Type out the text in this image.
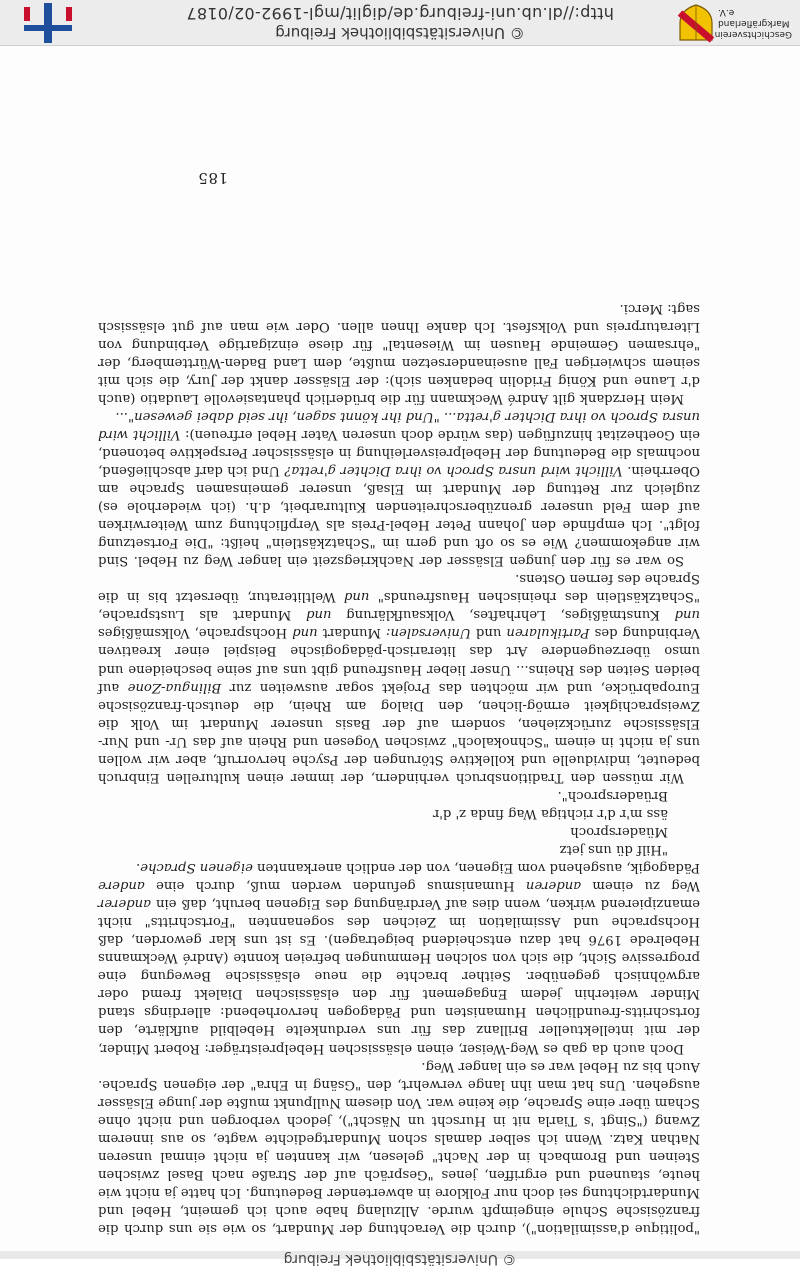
© Universitätsbibliothek Freiburg

"politique d'assimilation"), durch die Verachtung der Mundart, so wie sie uns durch die französische Schule eingeimpft wurde. Allzulang habe auch ich gemeint, Hebel und Mundartdichtung sei doch nur Folklore in abwertender Bedeutung. Ich hatte ja nicht wie heute, staunend und ergriffen, jenes "Gespräch auf der Straße nach Basel zwischen Steinen und Brombach in der Nacht" gelesen, wir kannten ja nicht einmal unseren Nathan Katz. Wenn ich selber damals schon Mundartgedichte wagte, so aus innerem Zwang ("Singt 's Tiarla nit in Hurscht un Näscht"), jedoch verborgen und nicht ohne Scham über eine Sprache, die keine war. Von diesem Nullpunkt mußte der junge Elsässer ausgehen. Uns hat man ihn lange verwehrt, den "Gsäng in Ehra" der eigenen Sprache. Auch bis zu Hebel war es ein langer Weg.

Doch auch da gab es Weg-Weiser, einen elsässischen Hebelpreisträger: Robert Minder, der mit intellektueller Brillanz das für uns verdunkelte Hebelbild aufklärte, den fortschritts-freundlichen Humanisten und Pädagogen hervorhebend: allerdings stand Minder weiterhin jedem Engagement für den elsässischen Dialekt fremd oder argwöhnisch gegenüber. Seither brachte die neue elsässische Bewegung eine progressive Sicht, die sich von solchen Hemmungen befreien konnte (André Weckmanns Hebelrede 1976 hat dazu entscheidend beigetragen). Es ist uns klar geworden, daß Hochsprache und Assimilation im Zeichen des sogenannten "Fortschritts" nicht emanzipierend wirken, wenn dies auf Verdrängung des Eigenen beruht, daß ein anderer Weg zu einem anderen Humanismus gefunden werden muß, durch eine andere Pädagogik, ausgehend vom Eigenen, von der endlich anerkannten eigenen Sprache.

"Hilf dü uns jetz
Müadersproch
äss m'r d'r richtiga Wag finda z' d'r
Brüadersproch".

Wir müssen den Traditionsbruch verhindern, der immer einen kulturellen Einbruch bedeutet, individuelle und kollektive Störungen der Psyche hervorruft, aber wir wollen uns ja nicht in einem "Schnokaloch" zwischen Vogesen und Rhein auf das Ur- und Nur- Elsässische zurückziehen, sondern auf der Basis unserer Mundart im Volk die Zweisprachigkeit ermög-lichen, den Dialog am Rhein, die deutsch-französische Europabrücke, und wir möchten das Projekt sogar ausweiten zur Bilingua-Zone auf beiden Seiten des Rheins... Unser lieber Hausfreund gibt uns auf seine bescheidene und umso überzeugendere Art das literarisch-pädagogische Beispiel einer kreativen Verbindung des Partikularen und Universalen: Mundart und Hochsprache, Volksmäßiges und Kunstmäßiges, Lehrhaftes, Volksaufklärung und Mundart als Lustsprache, "Schatzkästlein des rheinischen Hausfreunds" und Weltliteratur, übersetzt bis in die Sprache des fernen Ostens.

So war es für den jungen Elsässer der Nachkriegszeit ein langer Weg zu Hebel. Sind wir angekommen? Wie es so oft und gern im "Schatzkästlein" heißt: "Die Fortsetzung folgt". Ich empfinde den Johann Peter Hebel-Preis als Verpflichtung zum Weiterwirken auf dem Feld unserer grenzüberschreitenden Kulturarbeit, d.h. (ich wiederhole es) zugleich zur Rettung der Mundart im Elsaß, unserer gemeinsamen Sprache am Oberrhein. Villicht wird unsra Sproch vo ihra Dichter g'retta? Und ich darf abschließend, nochmals die Bedeutung der Hebelpreisverleihung in elsässischer Perspektive betonend, ein Goethezitat hinzufügen (das würde doch unseren Vater Hebel erfreuen): Villicht wird unsra Sproch vo ihra Dichter g'retta... "Und ihr könnt sagen, ihr seid dabei gewesen"...

Mein Herzdank gilt André Weckmann für die brüderlich phantasievolle Laudatio (auch d'r Laune und König Fridolin bedanken sich): der Elsässer dankt der Jury, die sich mit seinem schwierigen Fall auseinandersetzen mußte, dem Land Baden-Württemberg, der "ehrsamen Gemeinde Hausen im Wiesental" für diese einzigartige Verbindung von Literaturpreis und Volksfest. Ich danke Ihnen allen. Oder wie man auf gut elsässisch sagt: Merci.

185
Geschichtsverein
Markgräflerland e.V.
© Universitätsbibliothek Freiburg
http://dl.ub.uni-freiburg.de/diglit/mgl-1992-02/0187
